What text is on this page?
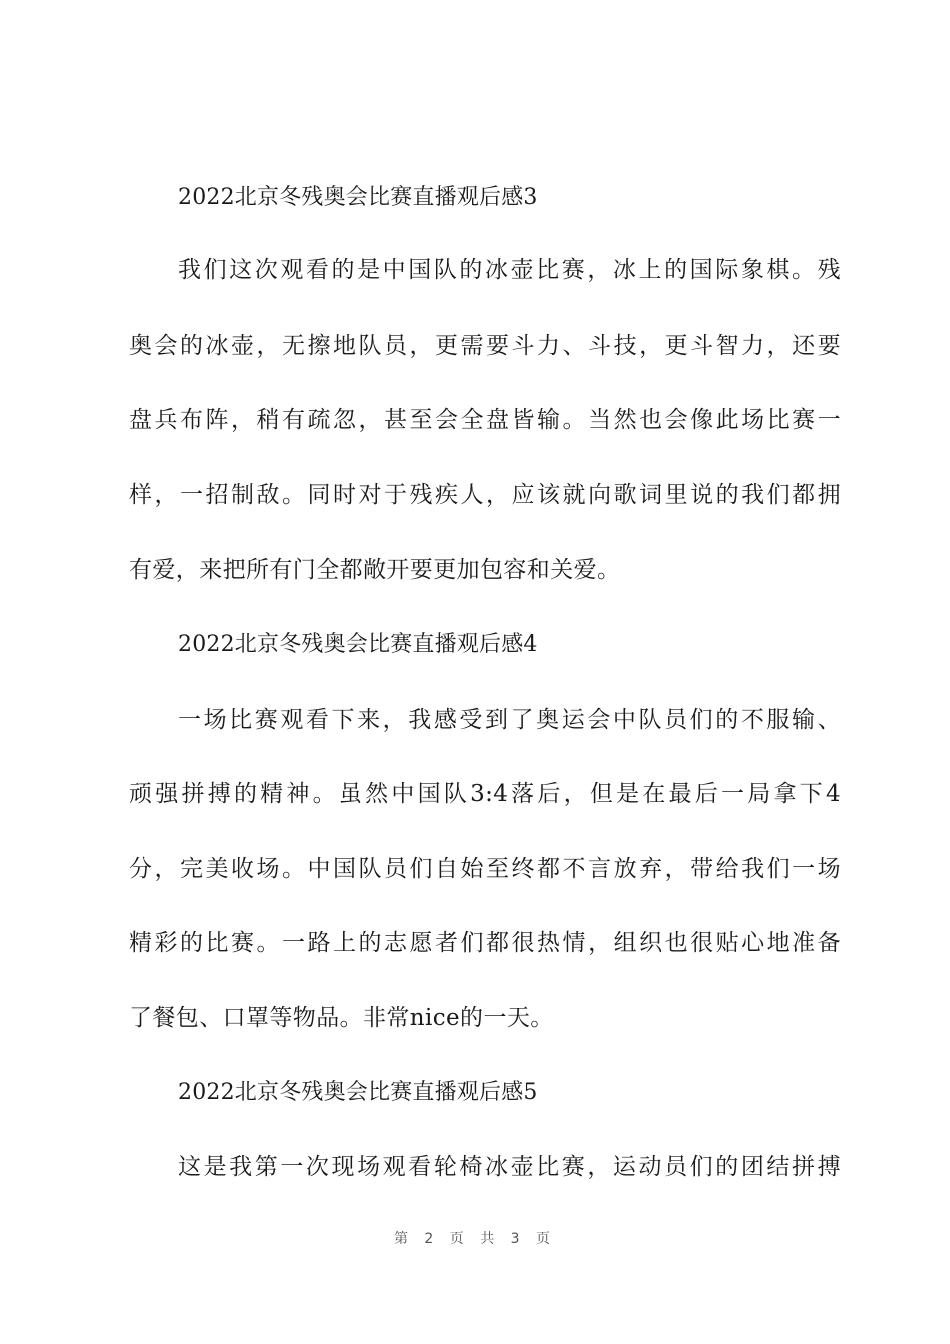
2022北京冬残奥会比赛直播观后感3
我们这次观看的是中国队的冰壶比赛，冰上的国际象棋。残
奥会的冰壶，无擦地队员，更需要斗力、斗技，更斗智力，还要
盘兵布阵，稍有疏忽，甚至会全盘皆输。当然也会像此场比赛一
样，一招制敌。同时对于残疾人，应该就向歌词里说的我们都拥
有爱，来把所有门全都敞开要更加包容和关爱。
2022北京冬残奥会比赛直播观后感4
一场比赛观看下来，我感受到了奥运会中队员们的不服输、
顽强拼搏的精神。虽然中国队3:4落后，但是在最后一局拿下4
分，完美收场。中国队员们自始至终都不言放弃，带给我们一场
精彩的比赛。一路上的志愿者们都很热情，组织也很贴心地准备
了餐包、口罩等物品。非常nice的一天。
2022北京冬残奥会比赛直播观后感5
这是我第一次现场观看轮椅冰壶比赛，运动员们的团结拼搏
第 2 页 共 3 页
